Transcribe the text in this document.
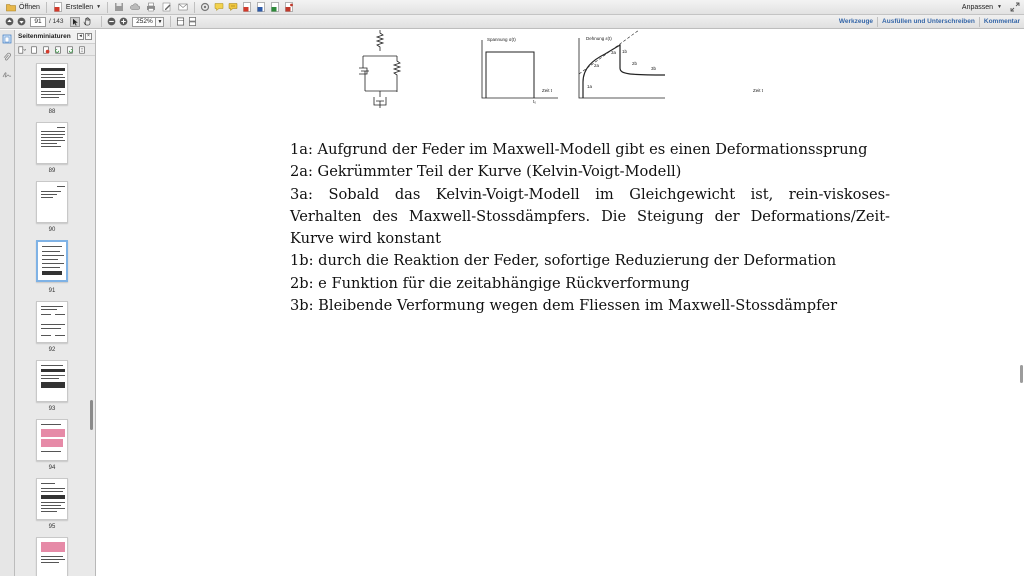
Öffnen	Erstellen ▼	Anpassen ▼
91	/ 143	252% ▼	Werkzeuge	Ausfüllen und Unterschreiben	Kommentar
Seitenminiaturen	◂	×
88
89
90
91
92
93
94
95
Spannung σ(t)
Zeit t
t₀
Dehnung ε(t)
Zeit t
1a
2a
3a 1b
2b
3b

1a: Aufgrund der Feder im Maxwell-Modell gibt es einen Deformationssprung

2a: Gekrümmter Teil der Kurve (Kelvin-Voigt-Modell)

3a: Sobald das Kelvin-Voigt-Modell im Gleichgewicht ist, rein-viskoses-

Verhalten des Maxwell-Stossdämpfers. Die Steigung der Deformations/Zeit-

Kurve wird konstant

1b: durch die Reaktion der Feder, sofortige Reduzierung der Deformation

2b: e Funktion für die zeitabhängige Rückverformung

3b: Bleibende Verformung wegen dem Fliessen im Maxwell-Stossdämpfer
